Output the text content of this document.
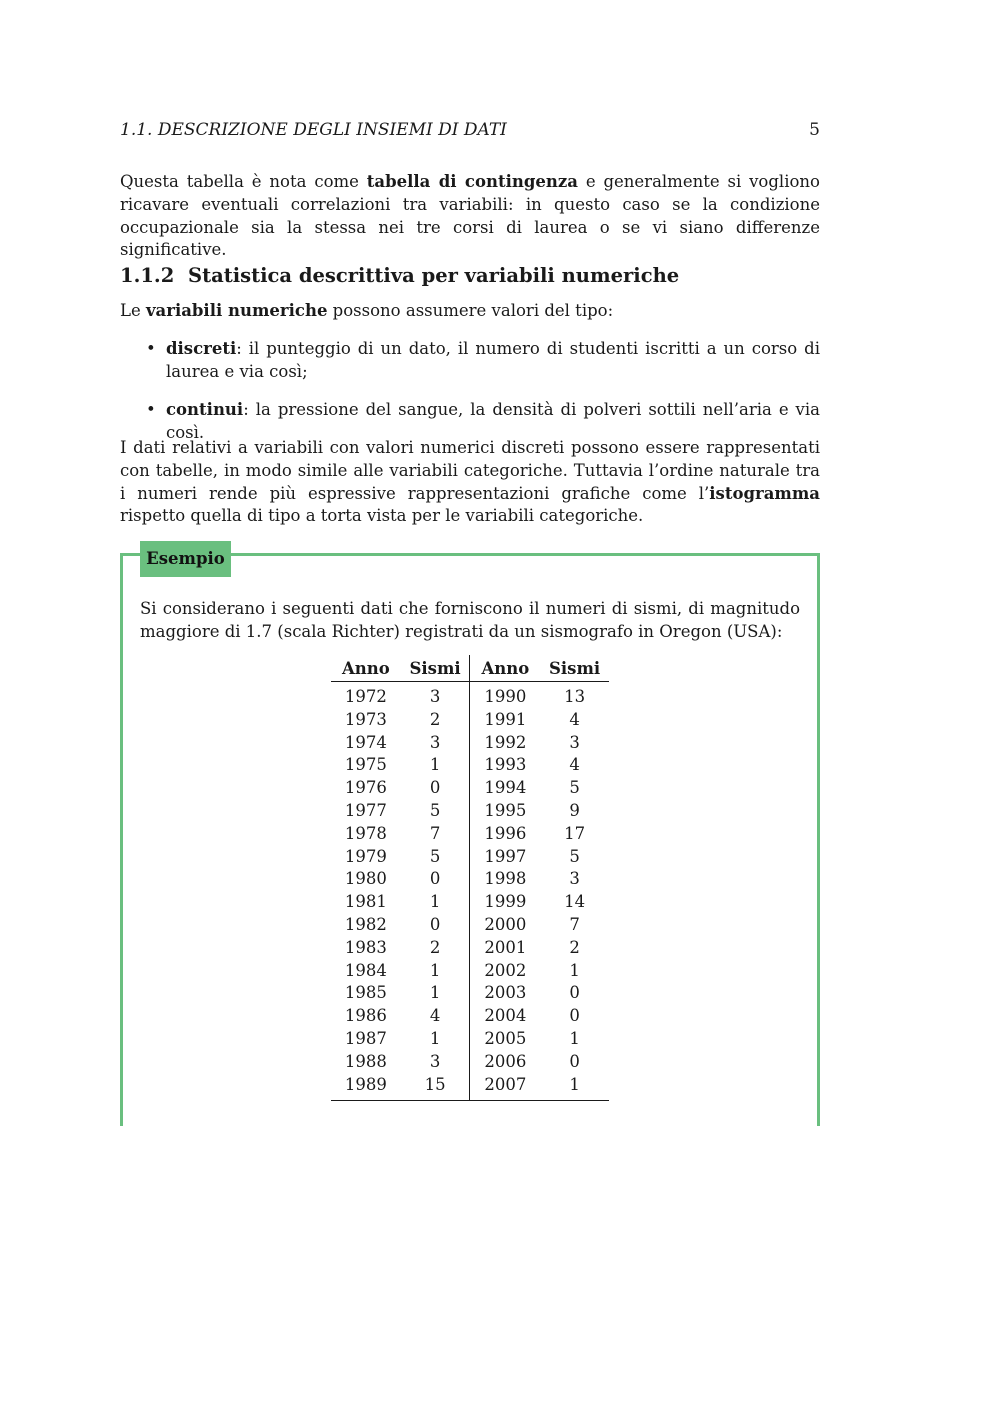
1.1. DESCRIZIONE DEGLI INSIEMI DI DATI	5

Questa tabella è nota come tabella di contingenza e generalmente si vogliono ricavare eventuali correlazioni tra variabili: in questo caso se la condizione occupazionale sia la stessa nei tre corsi di laurea o se vi siano differenze significative.

1.1.2 Statistica descrittiva per variabili numeriche

Le variabili numeriche possono assumere valori del tipo:

• discreti: il punteggio di un dato, il numero di studenti iscritti a un corso di laurea e via così;
• continui: la pressione del sangue, la densità di polveri sottili nell’aria e via così.

I dati relativi a variabili con valori numerici discreti possono essere rappresentati con tabelle, in modo simile alle variabili categoriche. Tuttavia l’ordine naturale tra i numeri rende più espressive rappresentazioni grafiche come l’istogramma rispetto quella di tipo a torta vista per le variabili categoriche.

Esempio

Si considerano i seguenti dati che forniscono il numeri di sismi, di magnitudo maggiore di 1.7 (scala Richter) registrati da un sismografo in Oregon (USA):

Anno	Sismi	Anno	Sismi
1972	3	1990	13
1973	2	1991	4
1974	3	1992	3
1975	1	1993	4
1976	0	1994	5
1977	5	1995	9
1978	7	1996	17
1979	5	1997	5
1980	0	1998	3
1981	1	1999	14
1982	0	2000	7
1983	2	2001	2
1984	1	2002	1
1985	1	2003	0
1986	4	2004	0
1987	1	2005	1
1988	3	2006	0
1989	15	2007	1
